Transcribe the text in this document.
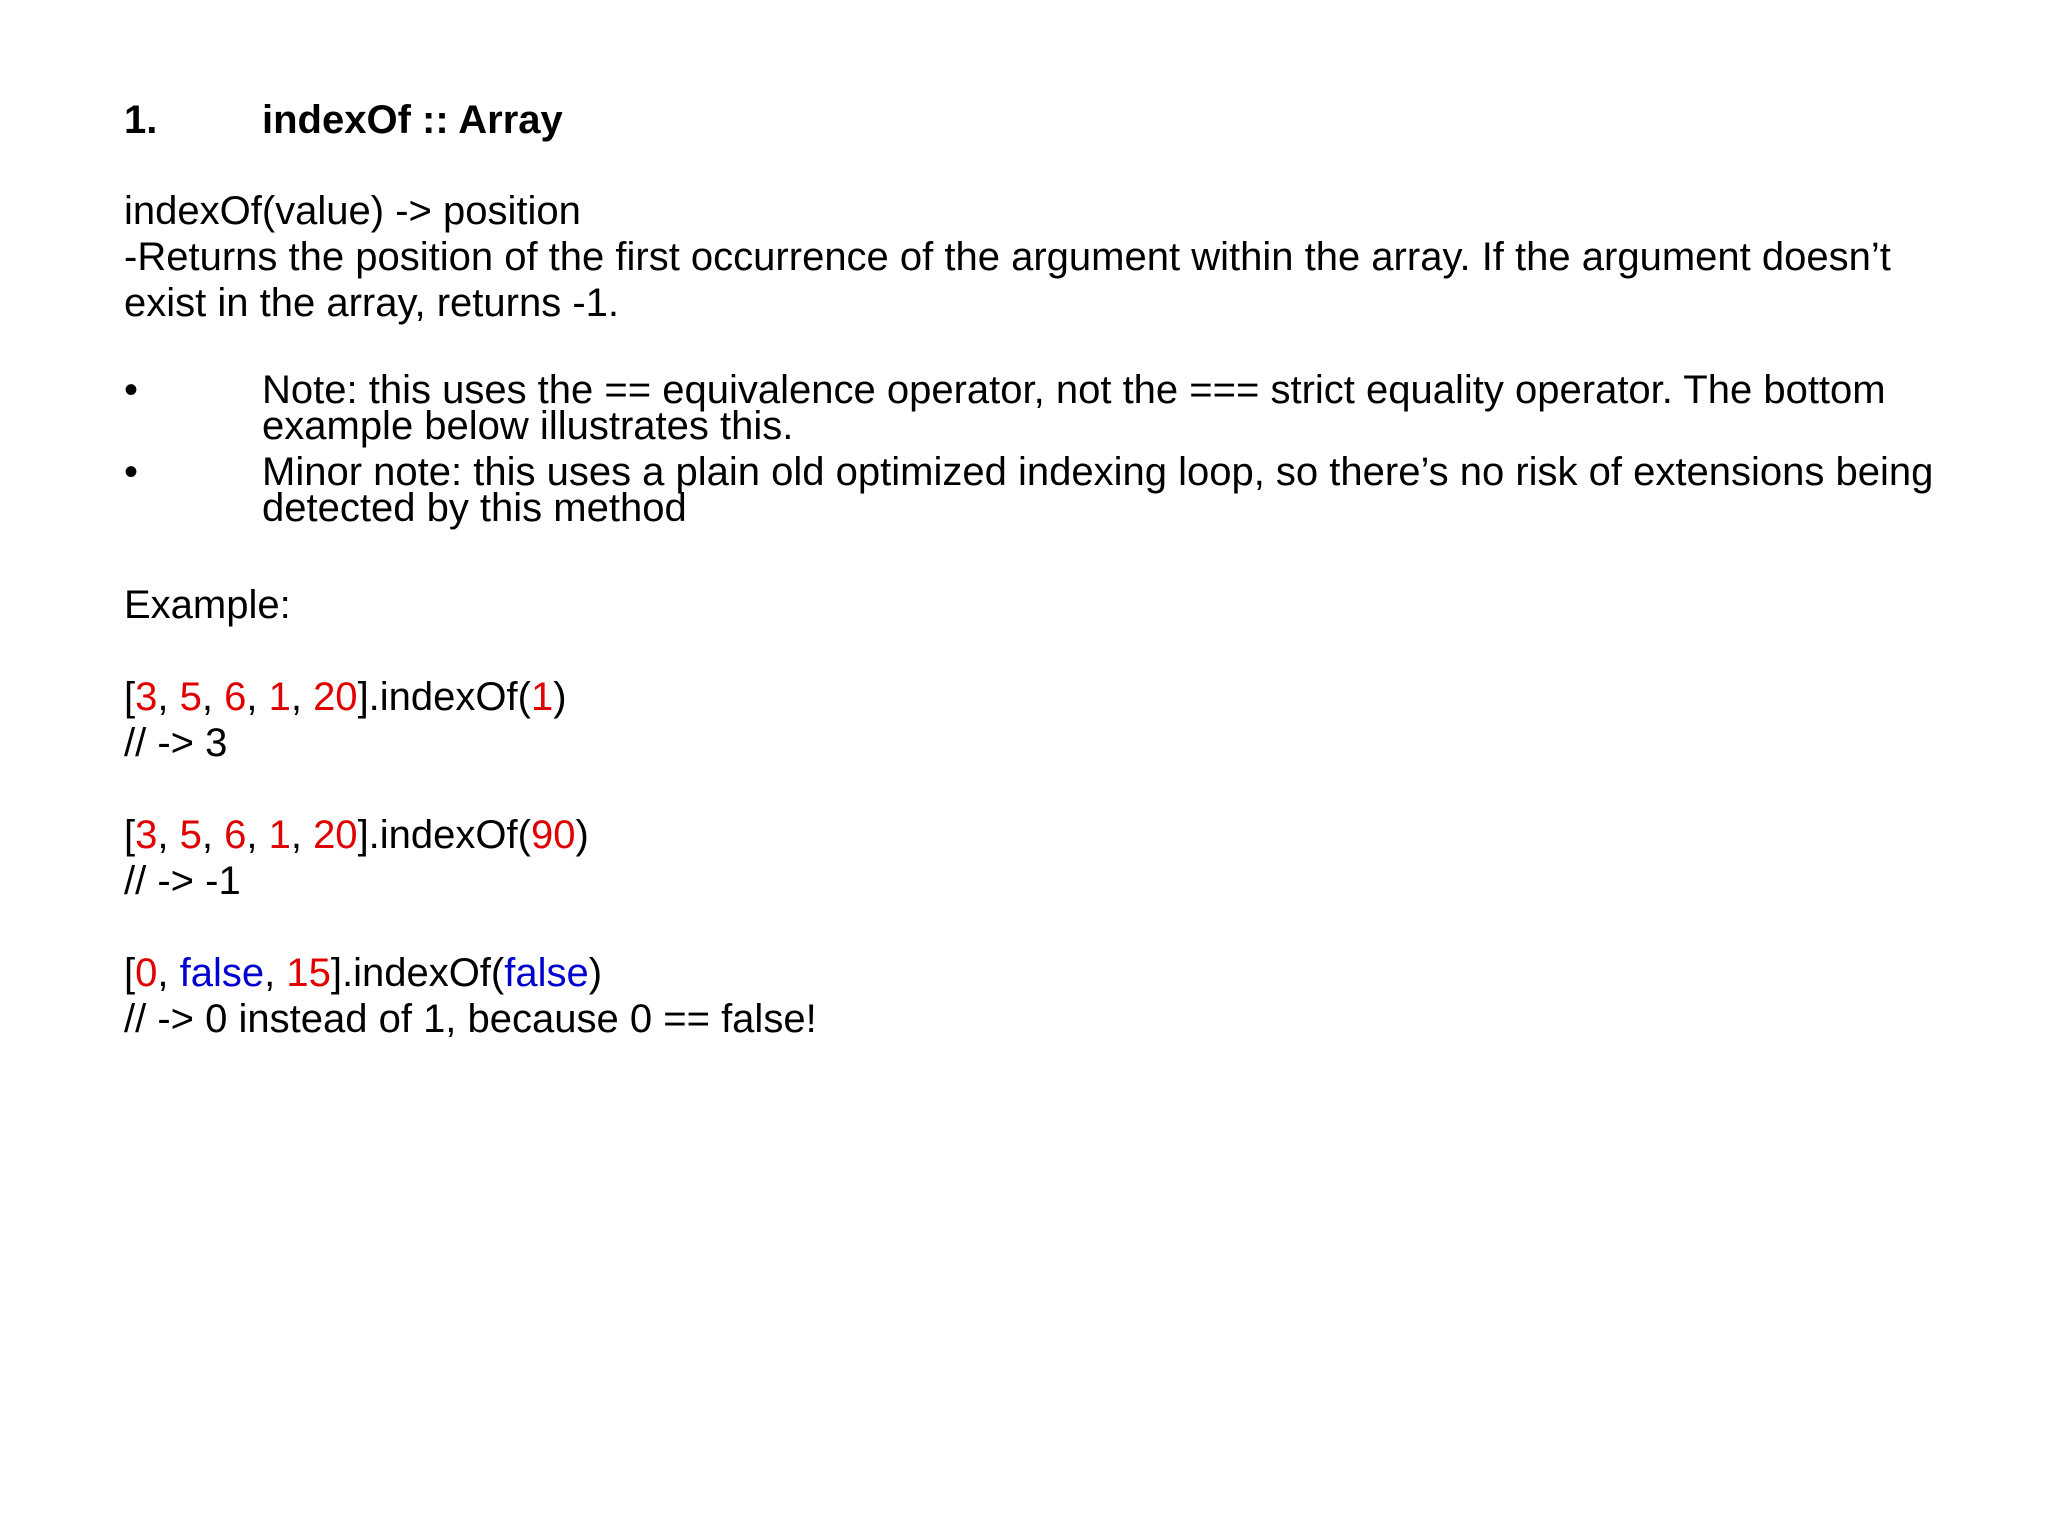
1.	indexOf :: Array
indexOf(value) -> position
-Returns the position of the first occurrence of the argument within the array. If the argument doesn’t exist in the array, returns -1.
•	Note: this uses the == equivalence operator, not the === strict equality operator. The bottom example below illustrates this.
•	Minor note: this uses a plain old optimized indexing loop, so there’s no risk of extensions being detected by this method
Example:
[3, 5, 6, 1, 20].indexOf(1)
// -> 3
[3, 5, 6, 1, 20].indexOf(90)
// -> -1
[0, false, 15].indexOf(false)
// -> 0 instead of 1, because 0 == false!
